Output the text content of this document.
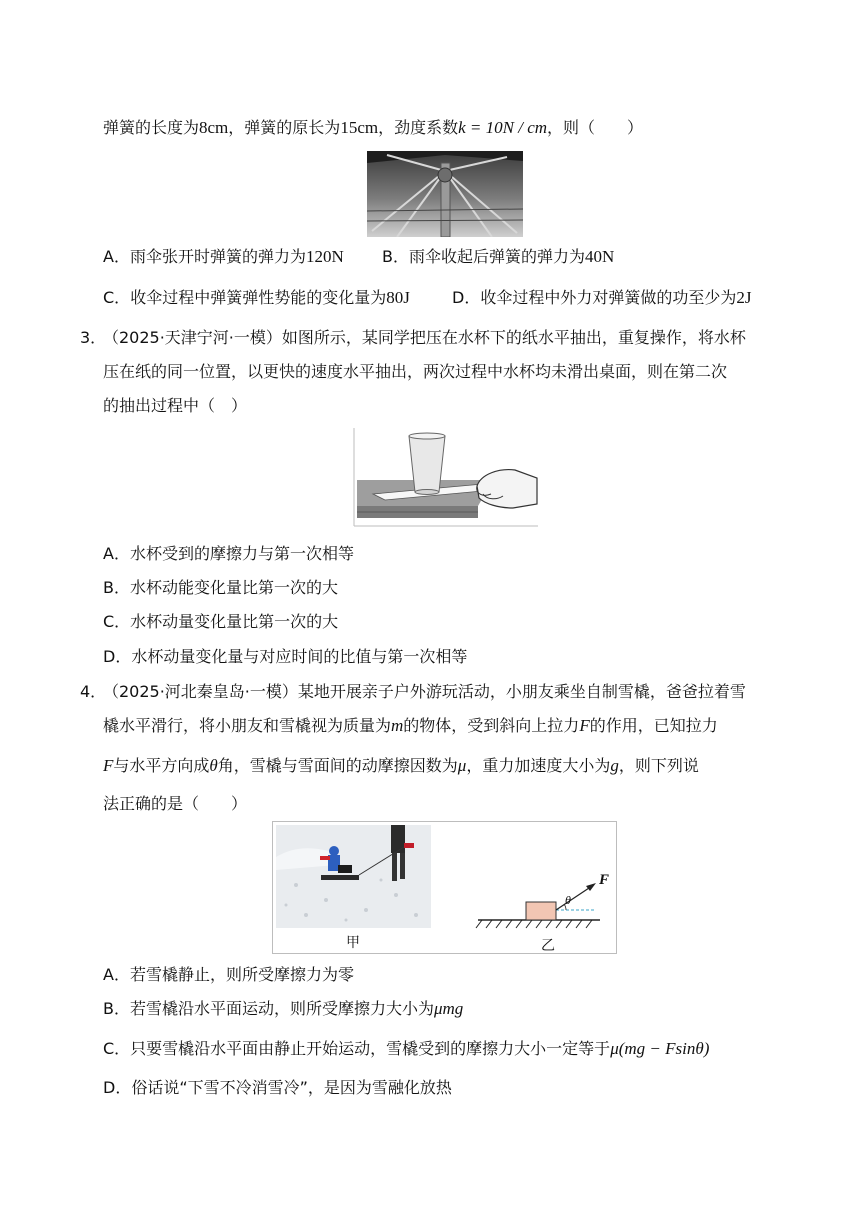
弹簧的长度为8cm，弹簧的原长为15cm，劲度系数k = 10N / cm，则（　　）
A．雨伞张开时弹簧的弹力为120N B．雨伞收起后弹簧的弹力为40N
C．收伞过程中弹簧弹性势能的变化量为80J	D．收伞过程中外力对弹簧做的功至少为2J
3．
（2025·天津宁河·一模）如图所示，某同学把压在水杯下的纸水平抽出，重复操作，将水杯
压在纸的同一位置，以更快的速度水平抽出，两次过程中水杯均未滑出桌面，则在第二次
的抽出过程中（　）
A．水杯受到的摩擦力与第一次相等
B．水杯动能变化量比第一次的大
C．水杯动量变化量比第一次的大
D．水杯动量变化量与对应时间的比值与第一次相等
4．
（2025·河北秦皇岛·一模）某地开展亲子户外游玩活动，小朋友乘坐自制雪橇，爸爸拉着雪
橇水平滑行，将小朋友和雪橇视为质量为m的物体，受到斜向上拉力F的作用，已知拉力
F与水平方向成θ角，雪橇与雪面间的动摩擦因数为μ，重力加速度大小为g，则下列说
法正确的是（　　）
甲
F
θ
乙
A．若雪橇静止，则所受摩擦力为零
B．若雪橇沿水平面运动，则所受摩擦力大小为μmg
C．只要雪橇沿水平面由静止开始运动，雪橇受到的摩擦力大小一定等于μ(mg − Fsinθ)
D．俗话说“下雪不冷消雪冷”，是因为雪融化放热
